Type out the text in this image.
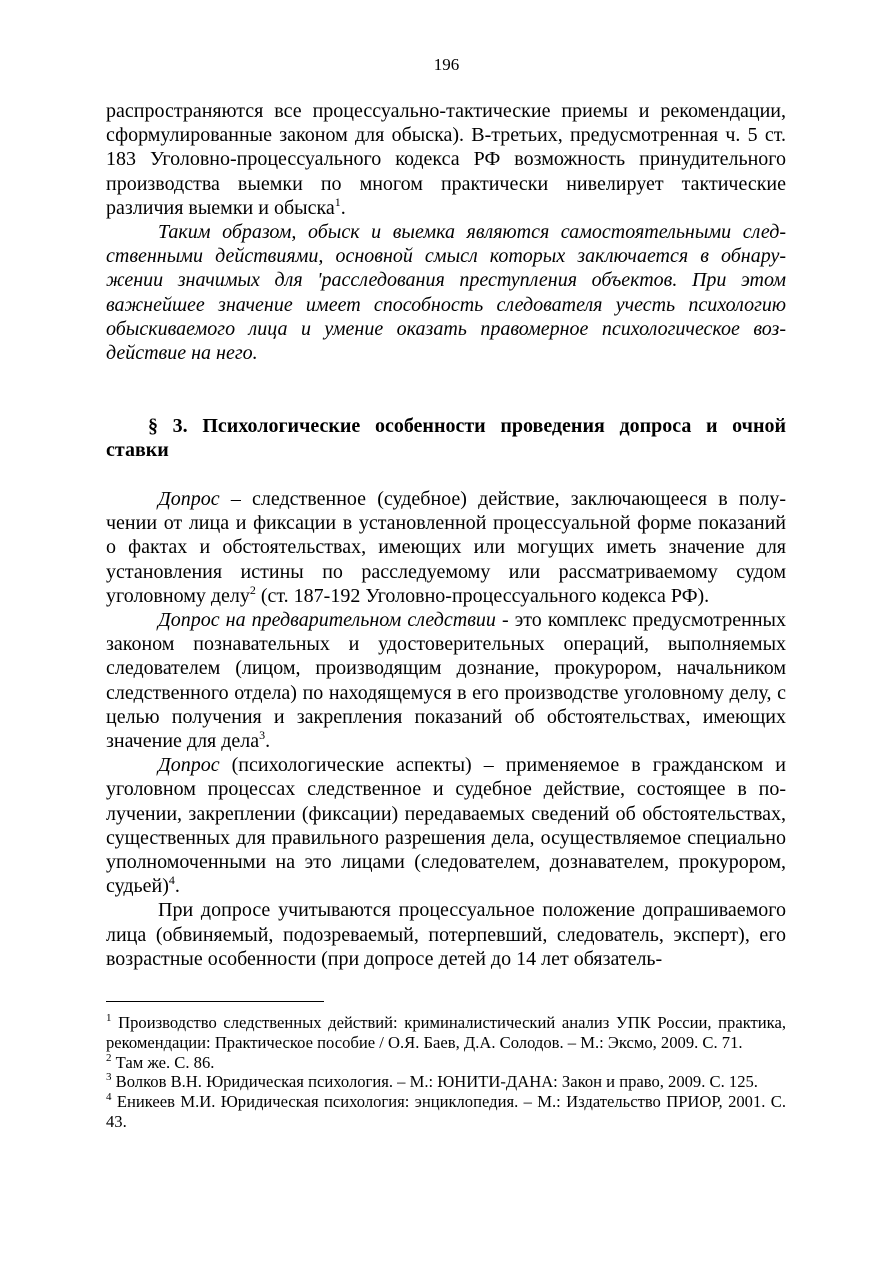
196

распространяются все процессуально-тактические приемы и рекомендации, сформулированные законом для обыска). В-третьих, предусмотренная ч. 5 ст. 183 Уголовно-процессуального кодекса РФ возможность принудительного производства выемки по многом практически нивелирует тактические различия выемки и обыска$^1$.

Таким образом, обыск и выемка являются самостоятельными следственными действиями, основной смысл которых заключается в обнаружении значимых для 'расследования преступления объектов. При этом важнейшее значение имеет способность следователя учесть психологию обыскиваемого лица и умение оказать правомерное психологическое воздействие на него.

§ 3. Психологические особенности проведения допроса и очной ставки

Допрос – следственное (судебное) действие, заключающееся в получении от лица и фиксации в установленной процессуальной форме показаний о фактах и обстоятельствах, имеющих или могущих иметь значение для установления истины по расследуемому или рассматриваемому судом уголовному делу$^2$ (ст. 187-192 Уголовно-процессуального кодекса РФ).

Допрос на предварительном следствии - это комплекс предусмотренных законом познавательных и удостоверительных операций, выполняемых следователем (лицом, производящим дознание, прокурором, начальником следственного отдела) по находящемуся в его производстве уголовному делу, с целью получения и закрепления показаний об обстоятельствах, имеющих значение для дела$^3$.

Допрос (психологические аспекты) – применяемое в гражданском и уголовном процессах следственное и судебное действие, состоящее в получении, закреплении (фиксации) передаваемых сведений об обстоятельствах, существенных для правильного разрешения дела, осуществляемое специально уполномоченными на это лицами (следователем, дознавателем, прокурором, судьей)$^4$.

При допросе учитываются процессуальное положение допрашиваемого лица (обвиняемый, подозреваемый, потерпевший, следователь, эксперт), его возрастные особенности (при допросе детей до 14 лет обязатель-

$^1$ Производство следственных действий: криминалистический анализ УПК России, практика, рекомендации: Практическое пособие / О.Я. Баев, Д.А. Солодов. – М.: Эксмо, 2009. С. 71.

$^2$ Там же. С. 86.

$^3$ Волков В.Н. Юридическая психология. – М.: ЮНИТИ-ДАНА: Закон и право, 2009. С. 125.

$^4$ Еникеев М.И. Юридическая психология: энциклопедия. – М.: Издательство ПРИОР, 2001. С. 43.
